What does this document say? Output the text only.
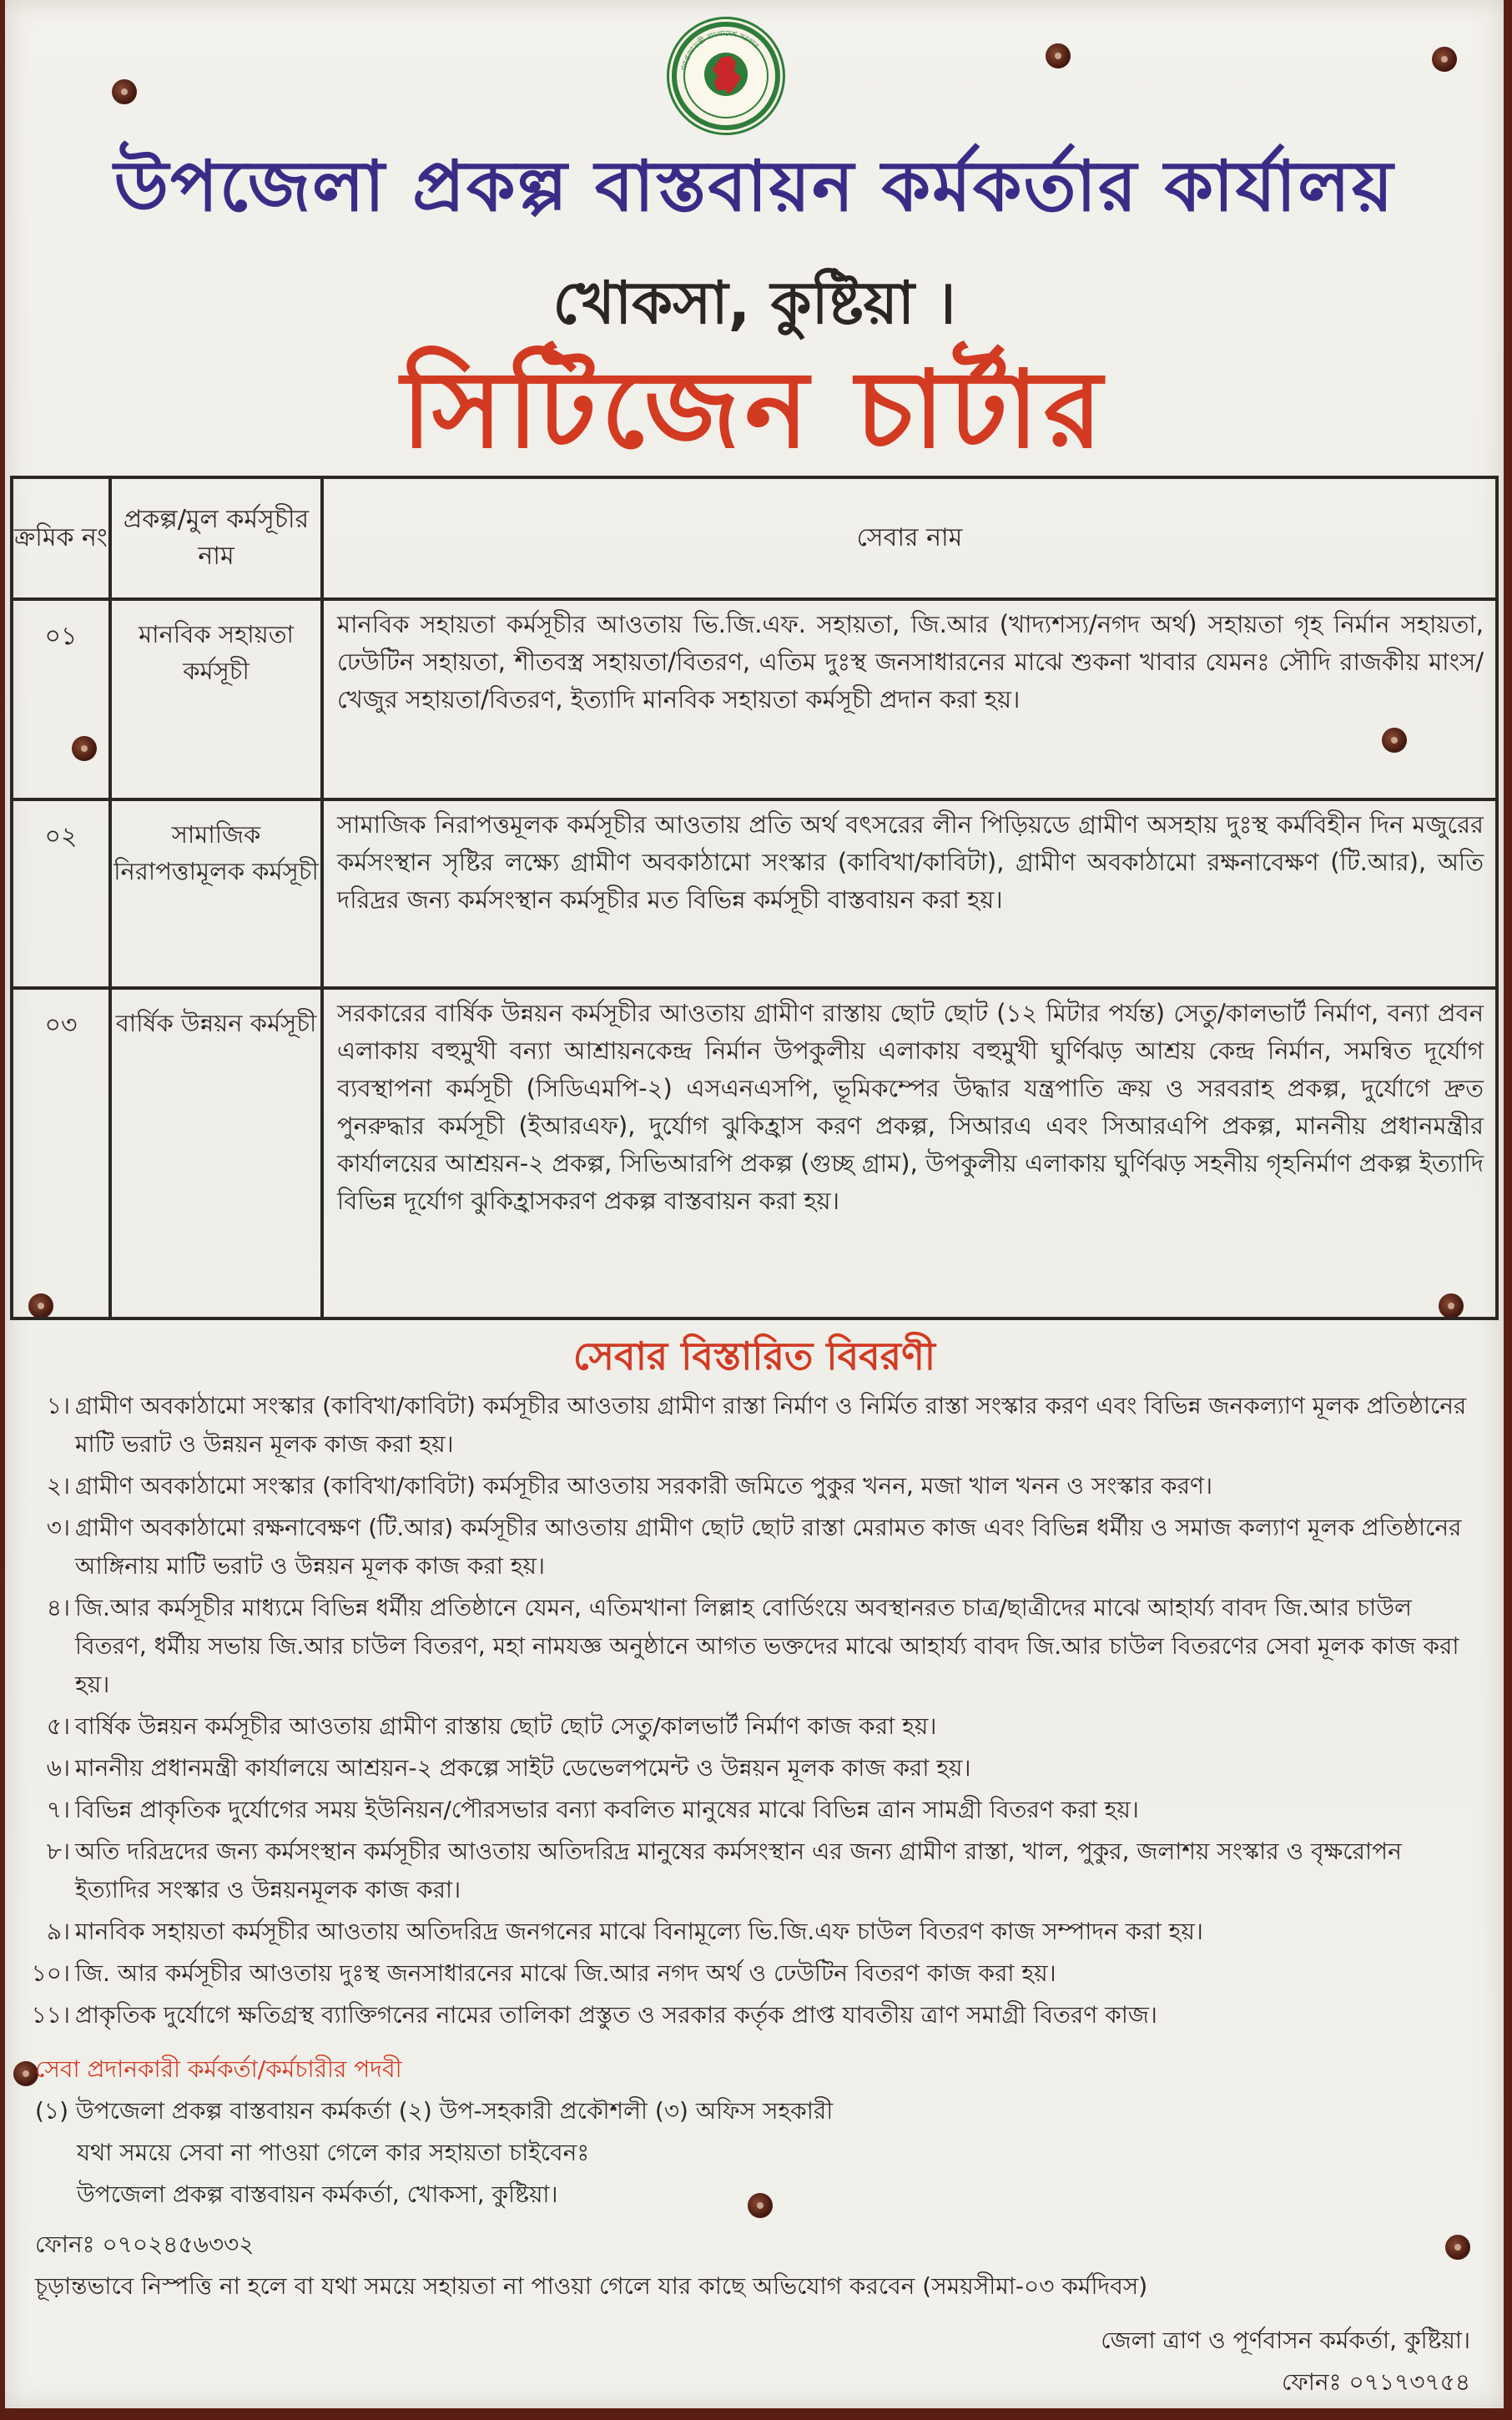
গণপ্রজাতন্ত্রী বাংলাদেশ সরকার
উপজেলা প্রকল্প বাস্তবায়ন কর্মকর্তার কার্যালয়
খোকসা, কুষ্টিয়া ।
সিটিজেন চার্টার
ক্রমিক নং	প্রকল্প/মুল কর্মসূচীর নাম	সেবার নাম
০১	মানবিক সহায়তা কর্মসূচী	মানবিক সহায়তা কর্মসূচীর আওতায় ভি.জি.এফ. সহায়তা, জি.আর (খাদ্যশস্য/নগদ অর্থ) সহায়তা গৃহ নির্মান সহায়তা, ঢেউটিন সহায়তা, শীতবস্ত্র সহায়তা/বিতরণ, এতিম দুঃস্থ জনসাধারনের মাঝে শুকনা খাবার যেমনঃ সৌদি রাজকীয় মাংস/খেজুর সহায়তা/বিতরণ, ইত্যাদি মানবিক সহায়তা কর্মসূচী প্রদান করা হয়।
০২	সামাজিক নিরাপত্তামূলক কর্মসূচী	সামাজিক নিরাপত্তমূলক কর্মসূচীর আওতায় প্রতি অর্থ বৎসরের লীন পিড়িয়ডে গ্রামীণ অসহায় দুঃস্থ কর্মবিহীন দিন মজুরের কর্মসংস্থান সৃষ্টির লক্ষ্যে গ্রামীণ অবকাঠামো সংস্কার (কাবিখা/কাবিটা), গ্রামীণ অবকাঠামো রক্ষনাবেক্ষণ (টি.আর), অতি দরিদ্রর জন্য কর্মসংস্থান কর্মসূচীর মত বিভিন্ন কর্মসূচী বাস্তবায়ন করা হয়।
০৩	বার্ষিক উন্নয়ন কর্মসূচী	সরকারের বার্ষিক উন্নয়ন কর্মসূচীর আওতায় গ্রামীণ রাস্তায় ছোট ছোট (১২ মিটার পর্যন্ত) সেতু/কালভার্ট নির্মাণ, বন্যা প্রবন এলাকায় বহুমুখী বন্যা আশ্রায়নকেন্দ্র নির্মান উপকুলীয় এলাকায় বহুমুখী ঘুর্ণিঝড় আশ্রয় কেন্দ্র নির্মান, সমন্বিত দূর্যোগ ব্যবস্থাপনা কর্মসূচী (সিডিএমপি-২) এসএনএসপি, ভূমিকম্পের উদ্ধার যন্ত্রপাতি ক্রয় ও সরবরাহ প্রকল্প, দুর্যোগে দ্রুত পুনরুদ্ধার কর্মসূচী (ইআরএফ), দুর্যোগ ঝুকিহ্রাস করণ প্রকল্প, সিআরএ এবং সিআরএপি প্রকল্প, মাননীয় প্রধানমন্ত্রীর কার্যালয়ের আশ্রয়ন-২ প্রকল্প, সিভিআরপি প্রকল্প (গুচ্ছ গ্রাম), উপকুলীয় এলাকায় ঘুর্ণিঝড় সহনীয় গৃহনির্মাণ প্রকল্প ইত্যাদি বিভিন্ন দূর্যোগ ঝুকিহ্রাসকরণ প্রকল্প বাস্তবায়ন করা হয়।
সেবার বিস্তারিত বিবরণী
১। গ্রামীণ অবকাঠামো সংস্কার (কাবিখা/কাবিটা) কর্মসূচীর আওতায় গ্রামীণ রাস্তা নির্মাণ ও নির্মিত রাস্তা সংস্কার করণ এবং বিভিন্ন জনকল্যাণ মূলক প্রতিষ্ঠানের মাটি ভরাট ও উন্নয়ন মূলক কাজ করা হয়।
২। গ্রামীণ অবকাঠামো সংস্কার (কাবিখা/কাবিটা) কর্মসূচীর আওতায় সরকারী জমিতে পুকুর খনন, মজা খাল খনন ও সংস্কার করণ।
৩। গ্রামীণ অবকাঠামো রক্ষনাবেক্ষণ (টি.আর) কর্মসূচীর আওতায় গ্রামীণ ছোট ছোট রাস্তা মেরামত কাজ এবং বিভিন্ন ধর্মীয় ও সমাজ কল্যাণ মূলক প্রতিষ্ঠানের আঙ্গিনায় মাটি ভরাট ও উন্নয়ন মূলক কাজ করা হয়।
৪। জি.আর কর্মসূচীর মাধ্যমে বিভিন্ন ধর্মীয় প্রতিষ্ঠানে যেমন, এতিমখানা লিল্লাহ বোর্ডিংয়ে অবস্থানরত চাত্র/ছাত্রীদের মাঝে আহার্য্য বাবদ জি.আর চাউল বিতরণ, ধর্মীয় সভায় জি.আর চাউল বিতরণ, মহা নামযজ্ঞ অনুষ্ঠানে আগত ভক্তদের মাঝে আহার্য্য বাবদ জি.আর চাউল বিতরণের সেবা মূলক কাজ করা হয়।
৫। বার্ষিক উন্নয়ন কর্মসূচীর আওতায় গ্রামীণ রাস্তায় ছোট ছোট সেতু/কালভার্ট নির্মাণ কাজ করা হয়।
৬। মাননীয় প্রধানমন্ত্রী কার্যালয়ে আশ্রয়ন-২ প্রকল্পে সাইট ডেভেলপমেন্ট ও উন্নয়ন মূলক কাজ করা হয়।
৭। বিভিন্ন প্রাকৃতিক দুর্যোগের সময় ইউনিয়ন/পৌরসভার বন্যা কবলিত মানুষের মাঝে বিভিন্ন ত্রান সামগ্রী বিতরণ করা হয়।
৮। অতি দরিদ্রদের জন্য কর্মসংস্থান কর্মসূচীর আওতায় অতিদরিদ্র মানুষের কর্মসংস্থান এর জন্য গ্রামীণ রাস্তা, খাল, পুকুর, জলাশয় সংস্কার ও বৃক্ষরোপন ইত্যাদির সংস্কার ও উন্নয়নমূলক কাজ করা।
৯। মানবিক সহায়তা কর্মসূচীর আওতায় অতিদরিদ্র জনগনের মাঝে বিনামূল্যে ভি.জি.এফ চাউল বিতরণ কাজ সম্পাদন করা হয়।
১০। জি. আর কর্মসূচীর আওতায় দুঃস্থ জনসাধারনের মাঝে জি.আর নগদ অর্থ ও ঢেউটিন বিতরণ কাজ করা হয়।
১১। প্রাকৃতিক দুর্যোগে ক্ষতিগ্রস্থ ব্যাক্তিগনের নামের তালিকা প্রস্তুত ও সরকার কর্তৃক প্রাপ্ত যাবতীয় ত্রাণ সমাগ্রী বিতরণ কাজ।
সেবা প্রদানকারী কর্মকর্তা/কর্মচারীর পদবী
(১) উপজেলা প্রকল্প বাস্তবায়ন কর্মকর্তা (২) উপ-সহকারী প্রকৌশলী (৩) অফিস সহকারী
যথা সময়ে সেবা না পাওয়া গেলে কার সহায়তা চাইবেনঃ
উপজেলা প্রকল্প বাস্তবায়ন কর্মকর্তা, খোকসা, কুষ্টিয়া।
ফোনঃ ০৭০২৪৫৬৩৩২
চূড়ান্তভাবে নিস্পত্তি না হলে বা যথা সময়ে সহায়তা না পাওয়া গেলে যার কাছে অভিযোগ করবেন (সময়সীমা-০৩ কর্মদিবস)
জেলা ত্রাণ ও পূর্ণবাসন কর্মকর্তা, কুষ্টিয়া।
ফোনঃ ০৭১৭৩৭৫৪
